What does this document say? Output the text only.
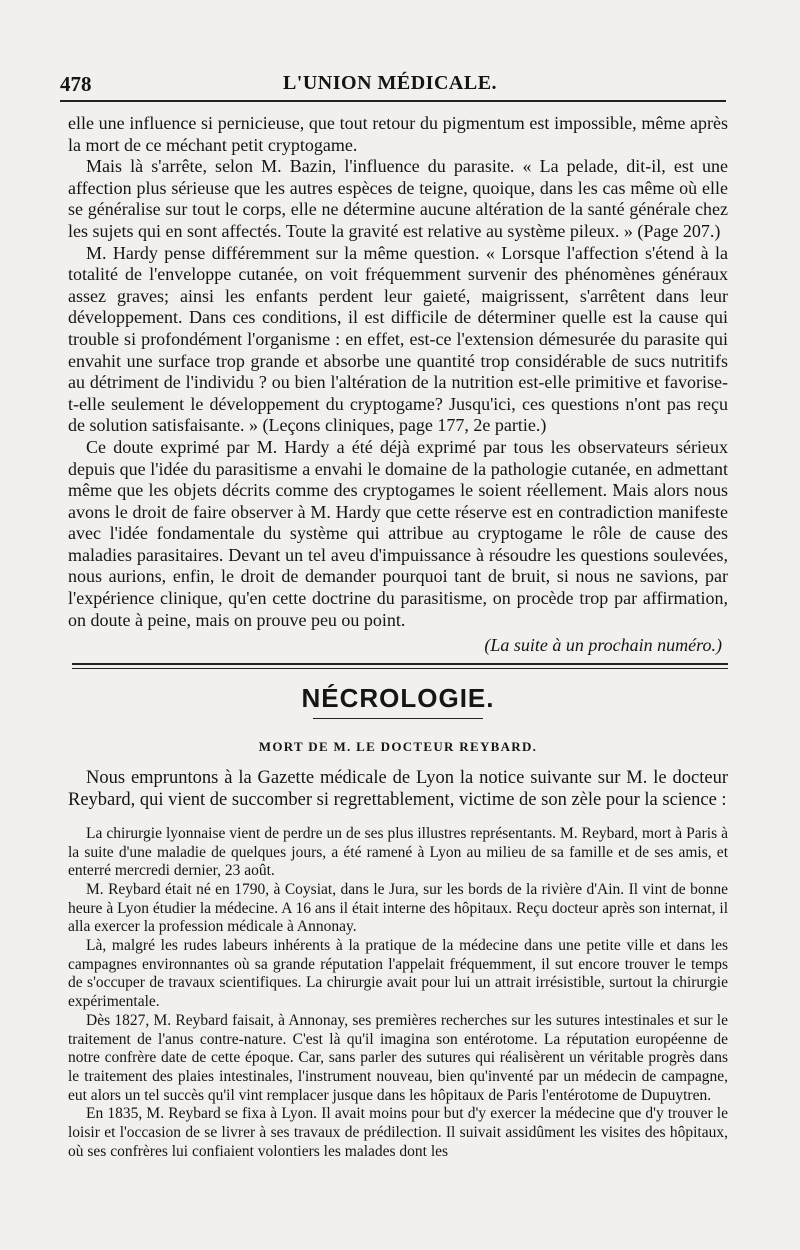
478	L'UNION MÉDICALE.

elle une influence si pernicieuse, que tout retour du pigmentum est impossible, même après la mort de ce méchant petit cryptogame.

Mais là s'arrête, selon M. Bazin, l'influence du parasite. « La pelade, dit-il, est une affection plus sérieuse que les autres espèces de teigne, quoique, dans les cas même où elle se généralise sur tout le corps, elle ne détermine aucune altération de la santé générale chez les sujets qui en sont affectés. Toute la gravité est relative au système pileux. » (Page 207.)

M. Hardy pense différemment sur la même question. « Lorsque l'affection s'étend à la totalité de l'enveloppe cutanée, on voit fréquemment survenir des phénomènes généraux assez graves; ainsi les enfants perdent leur gaieté, maigrissent, s'arrêtent dans leur développement. Dans ces conditions, il est difficile de déterminer quelle est la cause qui trouble si profondément l'organisme : en effet, est-ce l'extension démesurée du parasite qui envahit une surface trop grande et absorbe une quantité trop considérable de sucs nutritifs au détriment de l'individu ? ou bien l'altération de la nutrition est-elle primitive et favorise-t-elle seulement le développement du cryptogame? Jusqu'ici, ces questions n'ont pas reçu de solution satisfaisante. » (Leçons cliniques, page 177, 2e partie.)

Ce doute exprimé par M. Hardy a été déjà exprimé par tous les observateurs sérieux depuis que l'idée du parasitisme a envahi le domaine de la pathologie cutanée, en admettant même que les objets décrits comme des cryptogames le soient réellement. Mais alors nous avons le droit de faire observer à M. Hardy que cette réserve est en contradiction manifeste avec l'idée fondamentale du système qui attribue au cryptogame le rôle de cause des maladies parasitaires. Devant un tel aveu d'impuissance à résoudre les questions soulevées, nous aurions, enfin, le droit de demander pourquoi tant de bruit, si nous ne savions, par l'expérience clinique, qu'en cette doctrine du parasitisme, on procède trop par affirmation, on doute à peine, mais on prouve peu ou point.

(La suite à un prochain numéro.)

NÉCROLOGIE.
MORT DE M. LE DOCTEUR REYBARD.

Nous empruntons à la Gazette médicale de Lyon la notice suivante sur M. le docteur Reybard, qui vient de succomber si regrettablement, victime de son zèle pour la science :

La chirurgie lyonnaise vient de perdre un de ses plus illustres représentants. M. Reybard, mort à Paris à la suite d'une maladie de quelques jours, a été ramené à Lyon au milieu de sa famille et de ses amis, et enterré mercredi dernier, 23 août.

M. Reybard était né en 1790, à Coysiat, dans le Jura, sur les bords de la rivière d'Ain. Il vint de bonne heure à Lyon étudier la médecine. A 16 ans il était interne des hôpitaux. Reçu docteur après son internat, il alla exercer la profession médicale à Annonay.

Là, malgré les rudes labeurs inhérents à la pratique de la médecine dans une petite ville et dans les campagnes environnantes où sa grande réputation l'appelait fréquemment, il sut encore trouver le temps de s'occuper de travaux scientifiques. La chirurgie avait pour lui un attrait irrésistible, surtout la chirurgie expérimentale.

Dès 1827, M. Reybard faisait, à Annonay, ses premières recherches sur les sutures intestinales et sur le traitement de l'anus contre-nature. C'est là qu'il imagina son entérotome. La réputation européenne de notre confrère date de cette époque. Car, sans parler des sutures qui réalisèrent un véritable progrès dans le traitement des plaies intestinales, l'instrument nouveau, bien qu'inventé par un médecin de campagne, eut alors un tel succès qu'il vint remplacer jusque dans les hôpitaux de Paris l'entérotome de Dupuytren.

En 1835, M. Reybard se fixa à Lyon. Il avait moins pour but d'y exercer la médecine que d'y trouver le loisir et l'occasion de se livrer à ses travaux de prédilection. Il suivait assidûment les visites des hôpitaux, où ses confrères lui confiaient volontiers les malades dont les
